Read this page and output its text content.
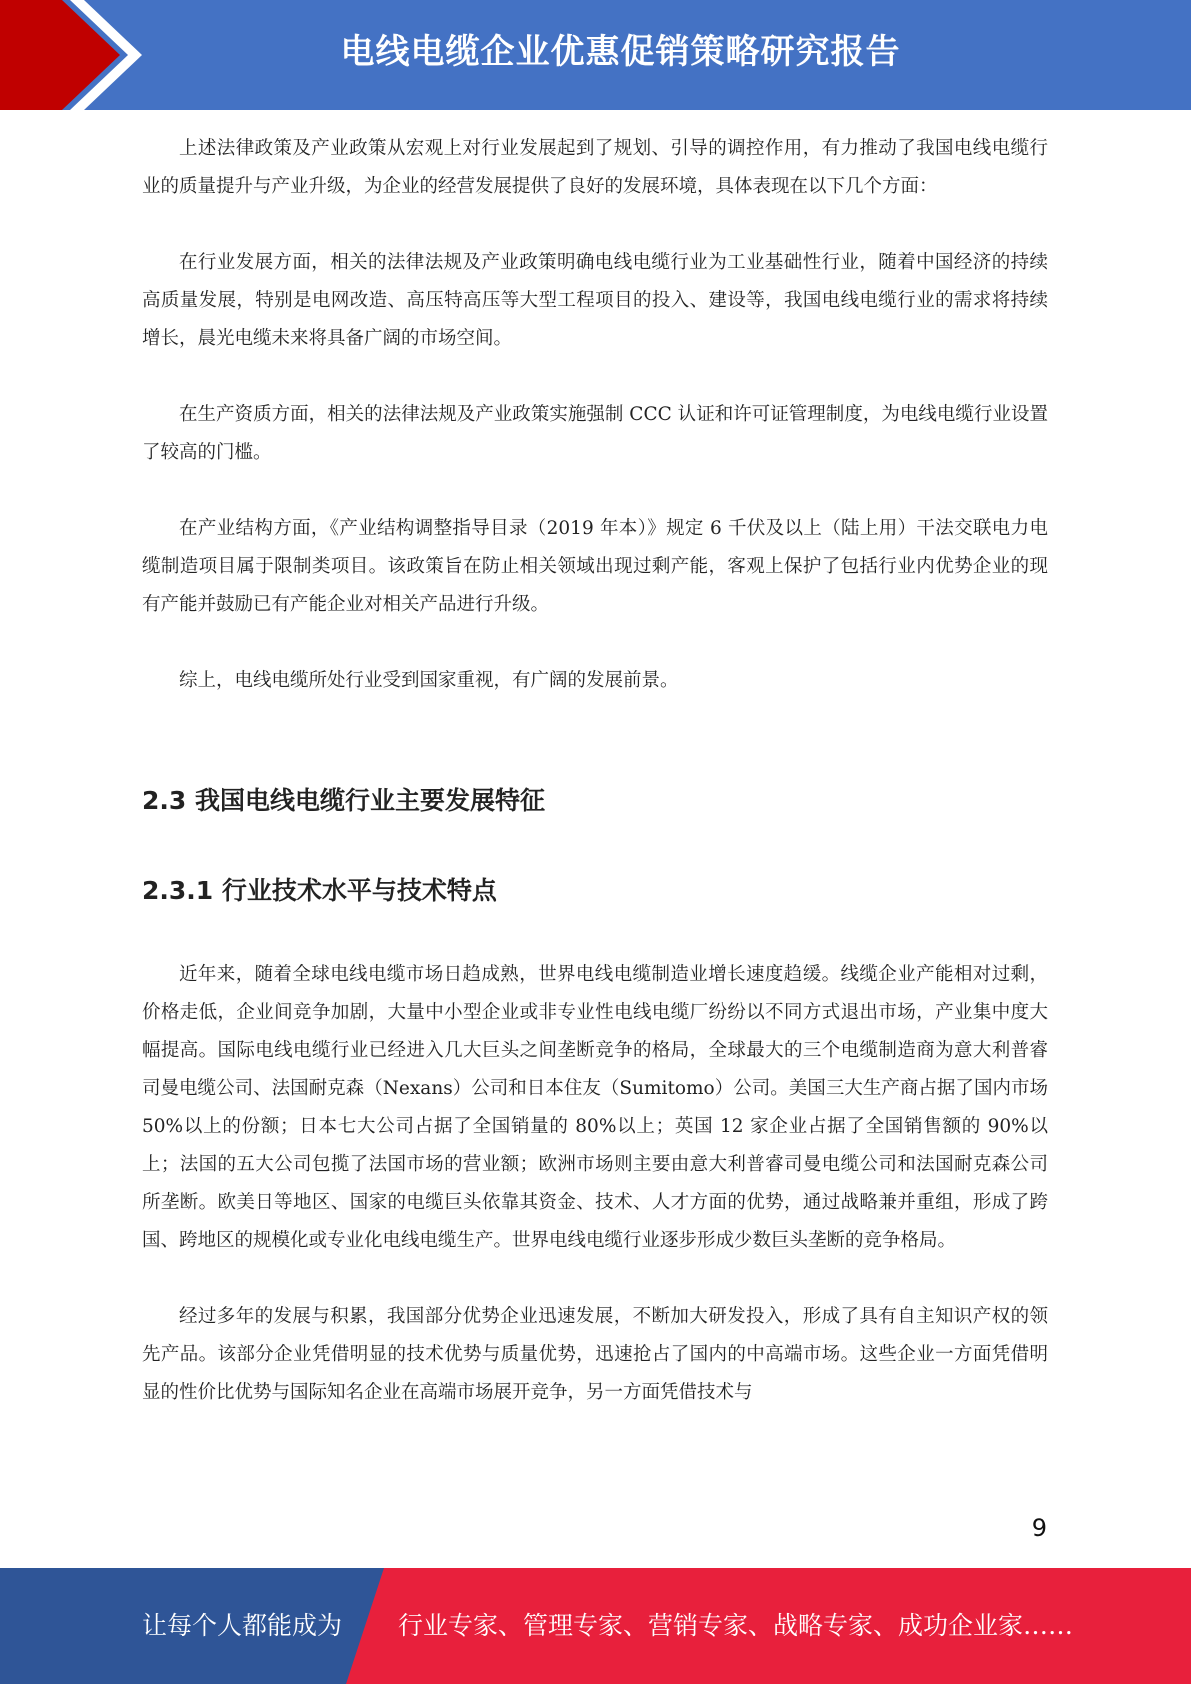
电线电缆企业优惠促销策略研究报告

上述法律政策及产业政策从宏观上对行业发展起到了规划、引导的调控作用，有力推动了我国电线电缆行业的质量提升与产业升级，为企业的经营发展提供了良好的发展环境，具体表现在以下几个方面：

在行业发展方面，相关的法律法规及产业政策明确电线电缆行业为工业基础性行业，随着中国经济的持续高质量发展，特别是电网改造、高压特高压等大型工程项目的投入、建设等，我国电线电缆行业的需求将持续增长，晨光电缆未来将具备广阔的市场空间。

在生产资质方面，相关的法律法规及产业政策实施强制 CCC 认证和许可证管理制度，为电线电缆行业设置了较高的门槛。

在产业结构方面，《产业结构调整指导目录（2019 年本）》规定 6 千伏及以上（陆上用）干法交联电力电缆制造项目属于限制类项目。该政策旨在防止相关领域出现过剩产能，客观上保护了包括行业内优势企业的现有产能并鼓励已有产能企业对相关产品进行升级。

综上，电线电缆所处行业受到国家重视，有广阔的发展前景。

2.3 我国电线电缆行业主要发展特征
2.3.1 行业技术水平与技术特点

近年来，随着全球电线电缆市场日趋成熟，世界电线电缆制造业增长速度趋缓。线缆企业产能相对过剩，价格走低，企业间竞争加剧，大量中小型企业或非专业性电线电缆厂纷纷以不同方式退出市场，产业集中度大幅提高。国际电线电缆行业已经进入几大巨头之间垄断竞争的格局，全球最大的三个电缆制造商为意大利普睿司曼电缆公司、法国耐克森（Nexans）公司和日本住友（Sumitomo）公司。美国三大生产商占据了国内市场 50%以上的份额；日本七大公司占据了全国销量的 80%以上；英国 12 家企业占据了全国销售额的 90%以上；法国的五大公司包揽了法国市场的营业额；欧洲市场则主要由意大利普睿司曼电缆公司和法国耐克森公司所垄断。欧美日等地区、国家的电缆巨头依靠其资金、技术、人才方面的优势，通过战略兼并重组，形成了跨国、跨地区的规模化或专业化电线电缆生产。世界电线电缆行业逐步形成少数巨头垄断的竞争格局。

经过多年的发展与积累，我国部分优势企业迅速发展，不断加大研发投入，形成了具有自主知识产权的领先产品。该部分企业凭借明显的技术优势与质量优势，迅速抢占了国内的中高端市场。这些企业一方面凭借明显的性价比优势与国际知名企业在高端市场展开竞争，另一方面凭借技术与

9
让每个人都能成为 行业专家、管理专家、营销专家、战略专家、成功企业家……
